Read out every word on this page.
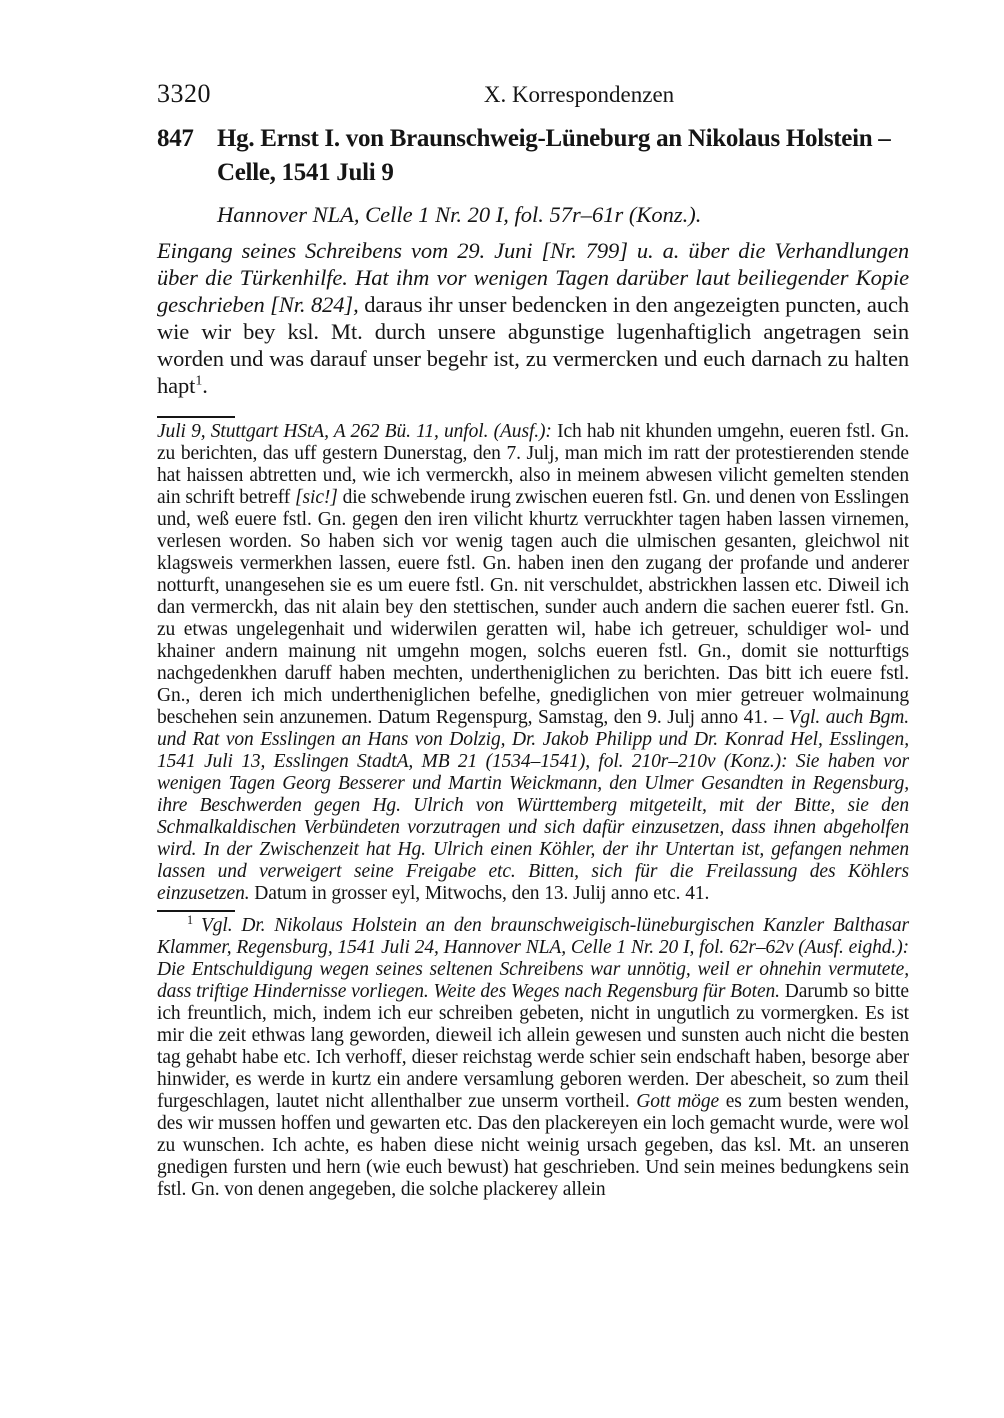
3320	X. Korrespondenzen
847 Hg. Ernst I. von Braunschweig-Lüneburg an Nikolaus Holstein – Celle, 1541 Juli 9

Hannover NLA, Celle 1 Nr. 20 I, fol. 57r–61r (Konz.).

Eingang seines Schreibens vom 29. Juni [Nr. 799] u. a. über die Verhandlungen über die Türkenhilfe. Hat ihm vor wenigen Tagen darüber laut beiliegender Kopie geschrieben [Nr. 824], daraus ihr unser bedencken in den angezeigten puncten, auch wie wir bey ksl. Mt. durch unsere abgunstige lugenhaftiglich angetragen sein worden und was darauf unser begehr ist, zu vermercken und euch darnach zu halten hapt$^1$.

Juli 9, Stuttgart HStA, A 262 Bü. 11, unfol. (Ausf.): Ich hab nit khunden umgehn, eueren fstl. Gn. zu berichten, das uff gestern Dunerstag, den 7. Julj, man mich im ratt der protestierenden stende hat haissen abtretten und, wie ich vermerckh, also in meinem abwesen vilicht gemelten stenden ain schrift betreff [sic!] die schwebende irung zwischen eueren fstl. Gn. und denen von Esslingen und, weß euere fstl. Gn. gegen den iren vilicht khurtz verruckhter tagen haben lassen virnemen, verlesen worden. So haben sich vor wenig tagen auch die ulmischen gesanten, gleichwol nit klagsweis vermerkhen lassen, euere fstl. Gn. haben inen den zugang der profande und anderer notturft, unangesehen sie es um euere fstl. Gn. nit verschuldet, abstrickhen lassen etc. Diweil ich dan vermerckh, das nit alain bey den stettischen, sunder auch andern die sachen euerer fstl. Gn. zu etwas ungelegenhait und widerwilen geratten wil, habe ich getreuer, schuldiger wol- und khainer andern mainung nit umgehn mogen, solchs eueren fstl. Gn., domit sie notturftigs nachgedenkhen daruff haben mechten, undertheniglichen zu berichten. Das bitt ich euere fstl. Gn., deren ich mich undertheniglichen befelhe, gnediglichen von mier getreuer wolmainung beschehen sein anzunemen. Datum Regenspurg, Samstag, den 9. Julj anno 41. – Vgl. auch Bgm. und Rat von Esslingen an Hans von Dolzig, Dr. Jakob Philipp und Dr. Konrad Hel, Esslingen, 1541 Juli 13, Esslingen StadtA, MB 21 (1534–1541), fol. 210r–210v (Konz.): Sie haben vor wenigen Tagen Georg Besserer und Martin Weickmann, den Ulmer Gesandten in Regensburg, ihre Beschwerden gegen Hg. Ulrich von Württemberg mitgeteilt, mit der Bitte, sie den Schmalkaldischen Verbündeten vorzutragen und sich dafür einzusetzen, dass ihnen abgeholfen wird. In der Zwischenzeit hat Hg. Ulrich einen Köhler, der ihr Untertan ist, gefangen nehmen lassen und verweigert seine Freigabe etc. Bitten, sich für die Freilassung des Köhlers einzusetzen. Datum in grosser eyl, Mitwochs, den 13. Julij anno etc. 41.

$^1$ Vgl. Dr. Nikolaus Holstein an den braunschweigisch-lüneburgischen Kanzler Balthasar Klammer, Regensburg, 1541 Juli 24, Hannover NLA, Celle 1 Nr. 20 I, fol. 62r–62v (Ausf. eighd.): Die Entschuldigung wegen seines seltenen Schreibens war unnötig, weil er ohnehin vermutete, dass triftige Hindernisse vorliegen. Weite des Weges nach Regensburg für Boten. Darumb so bitte ich freuntlich, mich, indem ich eur schreiben gebeten, nicht in ungutlich zu vormergken. Es ist mir die zeit ethwas lang geworden, dieweil ich allein gewesen und sunsten auch nicht die besten tag gehabt habe etc. Ich verhoff, dieser reichstag werde schier sein endschaft haben, besorge aber hinwider, es werde in kurtz ein andere versamlung geboren werden. Der abescheit, so zum theil furgeschlagen, lautet nicht allenthalber zue unserm vortheil. Gott möge es zum besten wenden, des wir mussen hoffen und gewarten etc. Das den plackereyen ein loch gemacht wurde, were wol zu wunschen. Ich achte, es haben diese nicht weinig ursach gegeben, das ksl. Mt. an unseren gnedigen fursten und hern (wie euch bewust) hat geschrieben. Und sein meines bedungkens sein fstl. Gn. von denen angegeben, die solche plackerey allein
